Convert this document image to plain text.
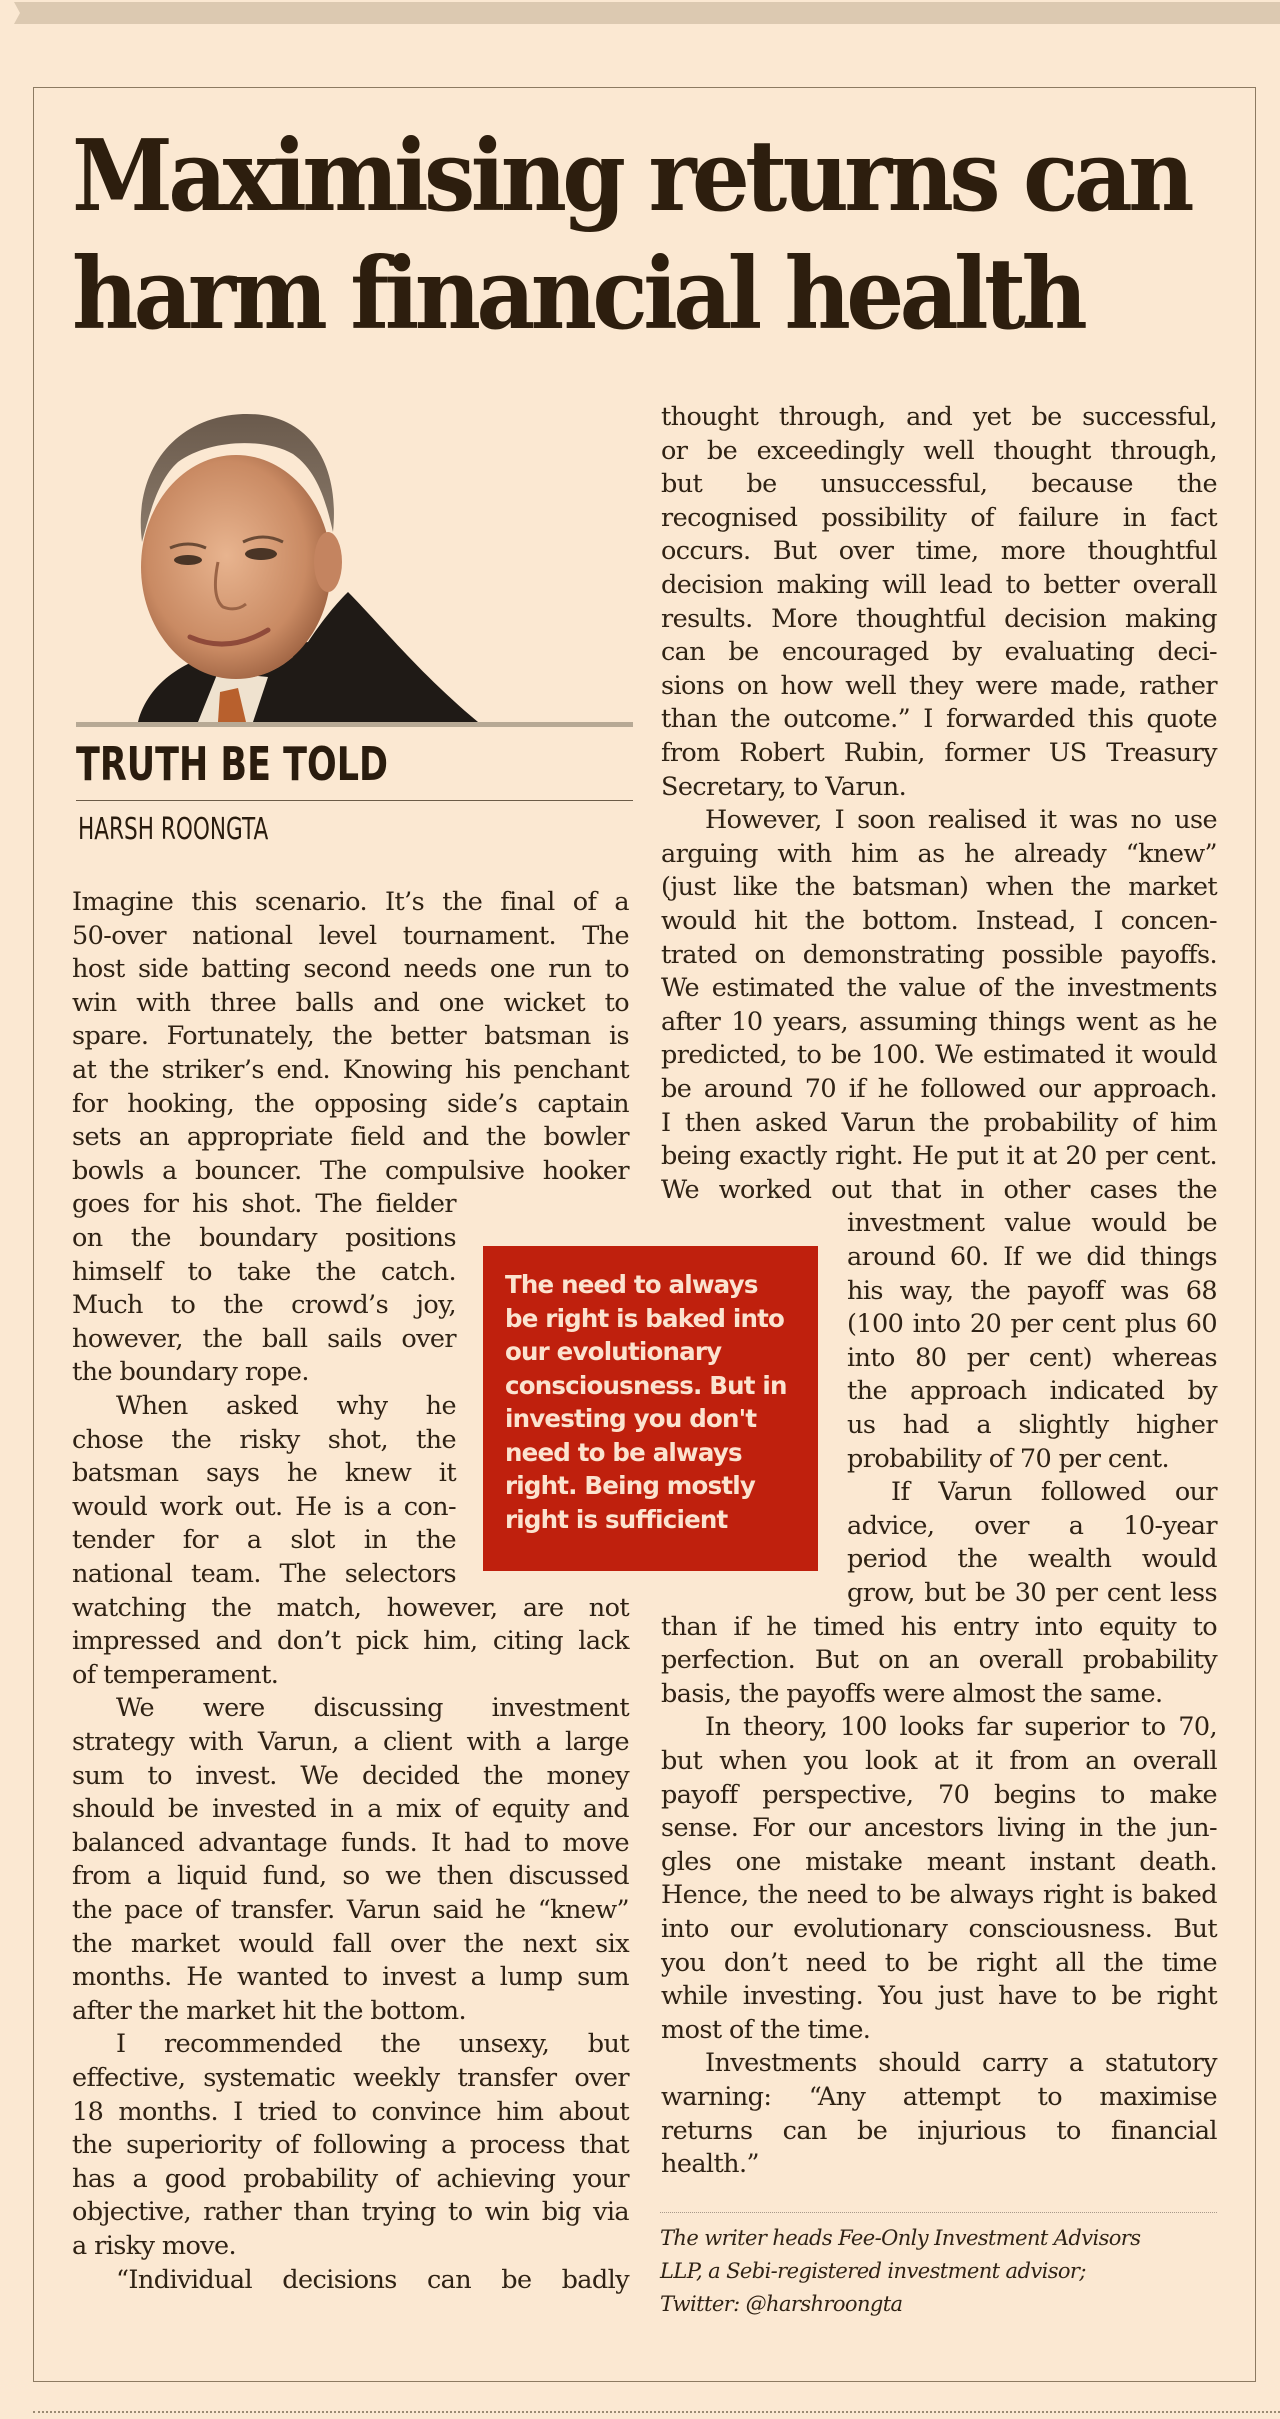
Maximising returns can
harm financial health
TRUTH BE TOLD
HARSH ROONGTA
Imagine this scenario. It’s the final of a
50-over national level tournament. The
host side batting second needs one run to
win with three balls and one wicket to
spare. Fortunately, the better batsman is
at the striker’s end. Knowing his penchant
for hooking, the opposing side’s captain
sets an appropriate field and the bowler
bowls a bouncer. The compulsive hooker
goes for his shot. The fielder
on the boundary positions
himself to take the catch.
Much to the crowd’s joy,
however, the ball sails over
the boundary rope.
When asked why he
chose the risky shot, the
batsman says he knew it
would work out. He is a con-
tender for a slot in the
national team. The selectors
watching the match, however, are not
impressed and don’t pick him, citing lack
of temperament.
We were discussing investment
strategy with Varun, a client with a large
sum to invest. We decided the money
should be invested in a mix of equity and
balanced advantage funds. It had to move
from a liquid fund, so we then discussed
the pace of transfer. Varun said he “knew”
the market would fall over the next six
months. He wanted to invest a lump sum
after the market hit the bottom.
I recommended the unsexy, but
effective, systematic weekly transfer over
18 months. I tried to convince him about
the superiority of following a process that
has a good probability of achieving your
objective, rather than trying to win big via
a risky move.
“Individual decisions can be badly
thought through, and yet be successful,
or be exceedingly well thought through,
but be unsuccessful, because the
recognised possibility of failure in fact
occurs. But over time, more thoughtful
decision making will lead to better overall
results. More thoughtful decision making
can be encouraged by evaluating deci-
sions on how well they were made, rather
than the outcome.” I forwarded this quote
from Robert Rubin, former US Treasury
Secretary, to Varun.
However, I soon realised it was no use
arguing with him as he already “knew”
(just like the batsman) when the market
would hit the bottom. Instead, I concen-
trated on demonstrating possible payoffs.
We estimated the value of the investments
after 10 years, assuming things went as he
predicted, to be 100. We estimated it would
be around 70 if he followed our approach.
I then asked Varun the probability of him
being exactly right. He put it at 20 per cent.
We worked out that in other cases the
investment value would be
around 60. If we did things
his way, the payoff was 68
(100 into 20 per cent plus 60
into 80 per cent) whereas
the approach indicated by
us had a slightly higher
probability of 70 per cent.
If Varun followed our
advice, over a 10-year
period the wealth would
grow, but be 30 per cent less
than if he timed his entry into equity to
perfection. But on an overall probability
basis, the payoffs were almost the same.
In theory, 100 looks far superior to 70,
but when you look at it from an overall
payoff perspective, 70 begins to make
sense. For our ancestors living in the jun-
gles one mistake meant instant death.
Hence, the need to be always right is baked
into our evolutionary consciousness. But
you don’t need to be right all the time
while investing. You just have to be right
most of the time.
Investments should carry a statutory
warning: “Any attempt to maximise
returns can be injurious to financial
health.”

The need to always
be right is baked into
our evolutionary
consciousness. But in
investing you don't
need to be always
right. Being mostly
right is sufficient

The writer heads Fee-Only Investment Advisors
LLP, a Sebi-registered investment advisor;
Twitter: @harshroongta
